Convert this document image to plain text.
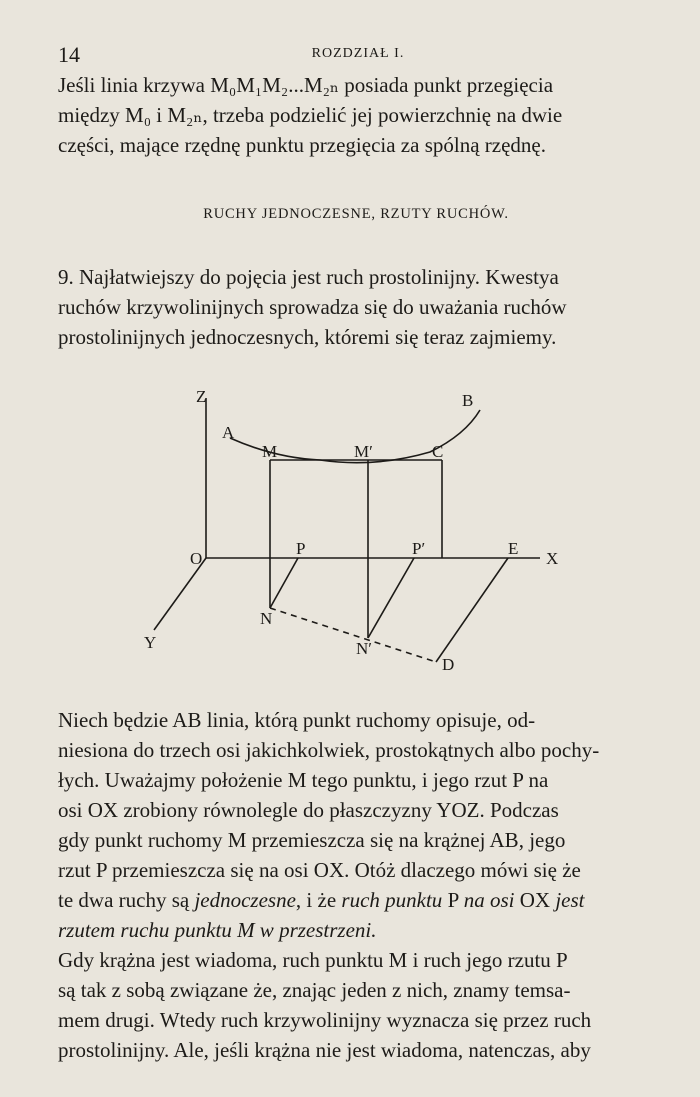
14	ROZDZIAŁ I.

Jeśli linia krzywa M₀M₁M₂...M₂ₙ posiada punkt przegięcia

między M₀ i M₂ₙ, trzeba podzielić jej powierzchnię na dwie

części, mające rzędnę punktu przegięcia za spólną rzędnę.

RUCHY JEDNOCZESNE, RZUTY RUCHÓW.

9. Najłatwiejszy do pojęcia jest ruch prostolinijny. Kwestya

ruchów krzywolinijnych sprowadza się do uważania ruchów

prostolinijnych jednoczesnych, któremi się teraz zajmiemy.

Z
A
B
M	M′	C
O
P	P′	E
X
N
N′
Y
D

Niech będzie AB linia, którą punkt ruchomy opisuje, od-

niesiona do trzech osi jakichkolwiek, prostokątnych albo pochy-

łych. Uważajmy położenie M tego punktu, i jego rzut P na

osi OX zrobiony równolegle do płaszczyzny YOZ. Podczas

gdy punkt ruchomy M przemieszcza się na krążnej AB, jego

rzut P przemieszcza się na osi OX. Otóż dlaczego mówi się że

te dwa ruchy są jednoczesne, i że ruch punktu P na osi OX jest

rzutem ruchu punktu M w przestrzeni.

Gdy krążna jest wiadoma, ruch punktu M i ruch jego rzutu P

są tak z sobą związane że, znając jeden z nich, znamy temsa-

mem drugi. Wtedy ruch krzywolinijny wyznacza się przez ruch

prostolinijny. Ale, jeśli krążna nie jest wiadoma, natenczas, aby
